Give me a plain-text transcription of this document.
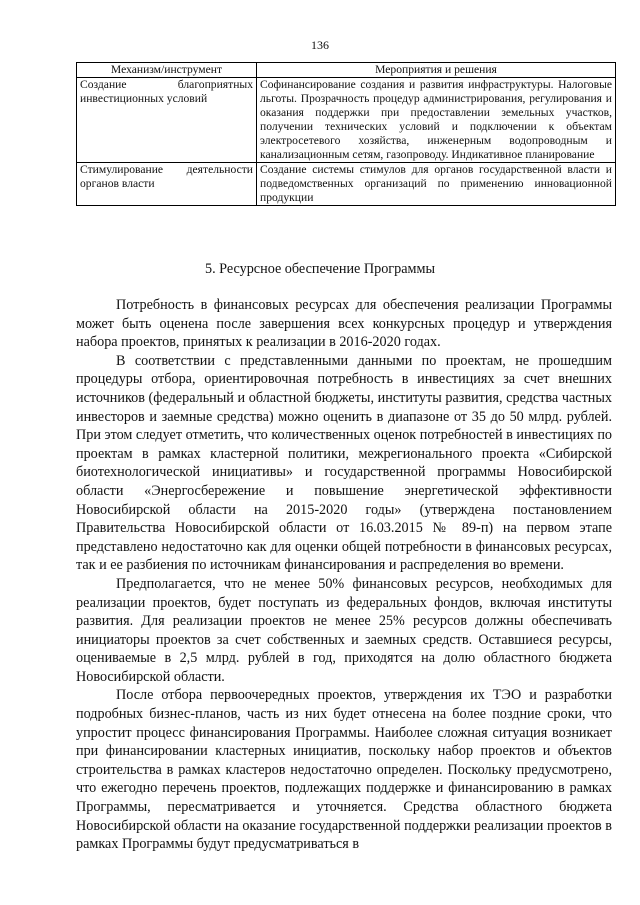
136
Механизм/инструмент	Мероприятия и решения
Создание благоприятных инвестиционных условий	Софинансирование создания и развития инфраструктуры. Налоговые льготы. Прозрачность процедур администрирования, регулирования и оказания поддержки при предоставлении земельных участков, получении технических условий и подключении к объектам электросетевого хозяйства, инженерным водопроводным и канализационным сетям, газопроводу. Индикативное планирование
Стимулирование деятельности органов власти	Создание системы стимулов для органов государственной власти и подведомственных организаций по применению инновационной продукции
5. Ресурсное обеспечение Программы

Потребность в финансовых ресурсах для обеспечения реализации Программы может быть оценена после завершения всех конкурсных процедур и утверждения набора проектов, принятых к реализации в 2016-2020 годах.

В соответствии с представленными данными по проектам, не прошедшим процедуры отбора, ориентировочная потребность в инвестициях за счет внешних источников (федеральный и областной бюджеты, институты развития, средства частных инвесторов и заемные средства) можно оценить в диапазоне от 35 до 50 млрд. рублей. При этом следует отметить, что количественных оценок потребностей в инвестициях по проектам в рамках кластерной политики, межрегионального проекта «Сибирской биотехнологической инициативы» и государственной программы Новосибирской области «Энергосбережение и повышение энергетической эффективности Новосибирской области на 2015-2020 годы» (утверждена постановлением Правительства Новосибирской области от 16.03.2015 № 89-п) на первом этапе представлено недостаточно как для оценки общей потребности в финансовых ресурсах, так и ее разбиения по источникам финансирования и распределения во времени.

Предполагается, что не менее 50% финансовых ресурсов, необходимых для реализации проектов, будет поступать из федеральных фондов, включая институты развития. Для реализации проектов не менее 25% ресурсов должны обеспечивать инициаторы проектов за счет собственных и заемных средств. Оставшиеся ресурсы, оцениваемые в 2,5 млрд. рублей в год, приходятся на долю областного бюджета Новосибирской области.

После отбора первоочередных проектов, утверждения их ТЭО и разработки подробных бизнес-планов, часть из них будет отнесена на более поздние сроки, что упростит процесс финансирования Программы. Наиболее сложная ситуация возникает при финансировании кластерных инициатив, поскольку набор проектов и объектов строительства в рамках кластеров недостаточно определен. Поскольку предусмотрено, что ежегодно перечень проектов, подлежащих поддержке и финансированию в рамках Программы, пересматривается и уточняется. Средства областного бюджета Новосибирской области на оказание государственной поддержки реализации проектов в рамках Программы будут предусматриваться в
